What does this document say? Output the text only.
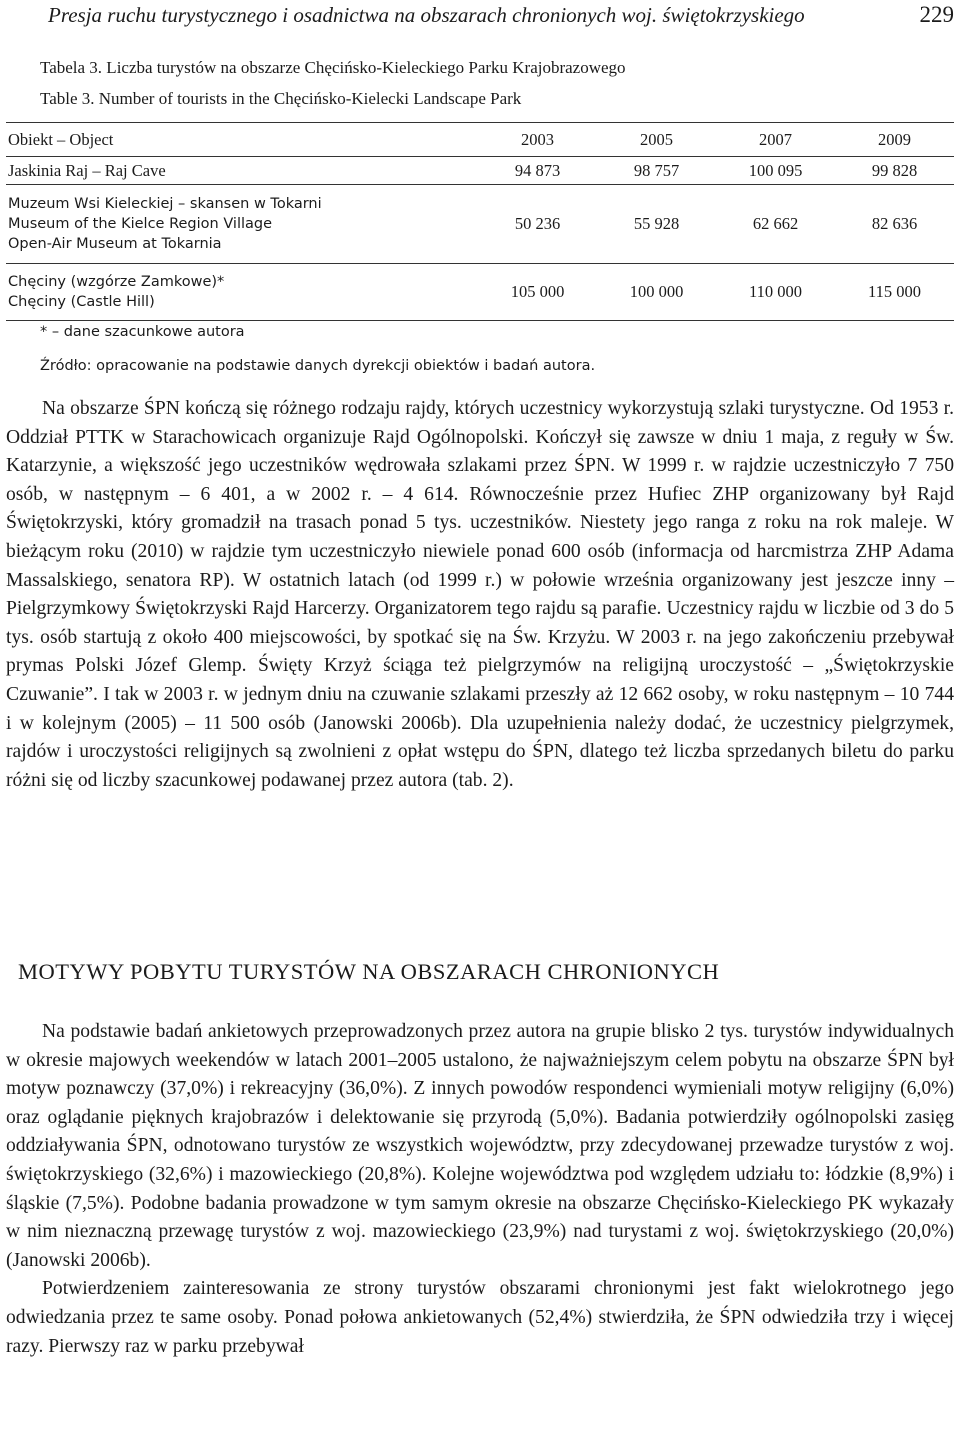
Presja ruchu turystycznego i osadnictwa na obszarach chronionych woj. świętokrzyskiego	229
Tabela 3. Liczba turystów na obszarze Chęcińsko-Kieleckiego Parku Krajobrazowego
Table 3. Number of tourists in the Chęcińsko-Kielecki Landscape Park
Obiekt – Object	2003	2005	2007	2009
Jaskinia Raj – Raj Cave	94 873	98 757	100 095	99 828

Muzeum Wsi Kieleckiej – skansen w Tokarni
Museum of the Kielce Region Village
Open-Air Museum at Tokarnia	50 236	55 928	62 662	82 636

Chęciny (wzgórze Zamkowe)*
Chęciny (Castle Hill)	105 000	100 000	110 000	115 000
* – dane szacunkowe autora
Źródło: opracowanie na podstawie danych dyrekcji obiektów i badań autora.

Na obszarze ŚPN kończą się różnego rodzaju rajdy, których uczestnicy wykorzystują szlaki turystyczne. Od 1953 r. Oddział PTTK w Starachowicach organizuje Rajd Ogólnopolski. Kończył się zawsze w dniu 1 maja, z reguły w Św. Katarzynie, a większość jego uczestników wędrowała szlakami przez ŚPN. W 1999 r. w rajdzie uczestniczyło 7 750 osób, w następnym – 6 401, a w 2002 r. – 4 614. Równocześnie przez Hufiec ZHP organizowany był Rajd Świętokrzyski, który gromadził na trasach ponad 5 tys. uczestników. Niestety jego ranga z roku na rok maleje. W bieżącym roku (2010) w rajdzie tym uczestniczyło niewiele ponad 600 osób (informacja od harcmistrza ZHP Adama Massalskiego, senatora RP). W ostatnich latach (od 1999 r.) w połowie września organizowany jest jeszcze inny – Pielgrzymkowy Świętokrzyski Rajd Harcerzy. Organizatorem tego rajdu są parafie. Uczestnicy rajdu w liczbie od 3 do 5 tys. osób startują z około 400 miejscowości, by spotkać się na Św. Krzyżu. W 2003 r. na jego zakończeniu przebywał prymas Polski Józef Glemp. Święty Krzyż ściąga też pielgrzymów na religijną uroczystość – „Świętokrzyskie Czuwanie”. I tak w 2003 r. w jednym dniu na czuwanie szlakami przeszły aż 12 662 osoby, w roku następnym – 10 744 i w kolejnym (2005) – 11 500 osób (Janowski 2006b). Dla uzupełnienia należy dodać, że uczestnicy pielgrzymek, rajdów i uroczystości religijnych są zwolnieni z opłat wstępu do ŚPN, dlatego też liczba sprzedanych biletu do parku różni się od liczby szacunkowej podawanej przez autora (tab. 2).

MOTYWY POBYTU TURYSTÓW NA OBSZARACH CHRONIONYCH

Na podstawie badań ankietowych przeprowadzonych przez autora na grupie blisko 2 tys. turystów indywidualnych w okresie majowych weekendów w latach 2001–2005 ustalono, że najważniejszym celem pobytu na obszarze ŚPN był motyw poznawczy (37,0%) i rekreacyjny (36,0%). Z innych powodów respondenci wymieniali motyw religijny (6,0%) oraz oglądanie pięknych krajobrazów i delektowanie się przyrodą (5,0%). Badania potwierdziły ogólnopolski zasięg oddziaływania ŚPN, odnotowano turystów ze wszystkich województw, przy zdecydowanej przewadze turystów z woj. świętokrzyskiego (32,6%) i mazowieckiego (20,8%). Kolejne województwa pod względem udziału to: łódzkie (8,9%) i śląskie (7,5%). Podobne badania prowadzone w tym samym okresie na obszarze Chęcińsko-Kieleckiego PK wykazały w nim nieznaczną przewagę turystów z woj. mazowieckiego (23,9%) nad turystami z woj. świętokrzyskiego (20,0%) (Janowski 2006b).

Potwierdzeniem zainteresowania ze strony turystów obszarami chronionymi jest fakt wielokrotnego jego odwiedzania przez te same osoby. Ponad połowa ankietowanych (52,4%) stwierdziła, że ŚPN odwiedziła trzy i więcej razy. Pierwszy raz w parku przebywał
